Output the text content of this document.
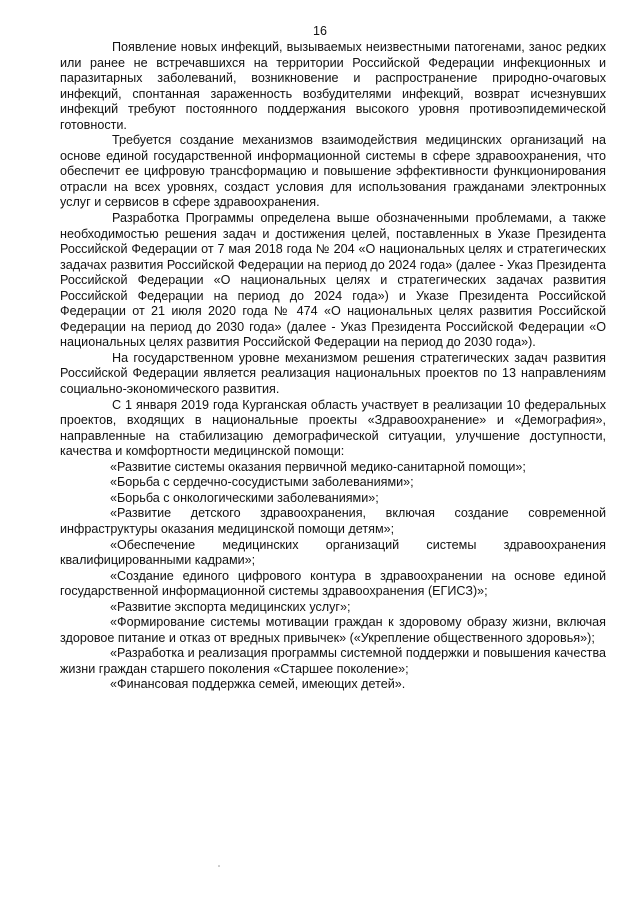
16

Появление новых инфекций, вызываемых неизвестными патогенами, занос редких или ранее не встречавшихся на территории Российской Федерации инфекционных и паразитарных заболеваний, возникновение и распространение природно-очаговых инфекций, спонтанная зараженность возбудителями инфекций, возврат исчезнувших инфекций требуют постоянного поддержания высокого уровня противоэпидемической готовности.

Требуется создание механизмов взаимодействия медицинских организаций на основе единой государственной информационной системы в сфере здравоохранения, что обеспечит ее цифровую трансформацию и повышение эффективности функционирования отрасли на всех уровнях, создаст условия для использования гражданами электронных услуг и сервисов в сфере здравоохранения.

Разработка Программы определена выше обозначенными проблемами, а также необходимостью решения задач и достижения целей, поставленных в Указе Президента Российской Федерации от 7 мая 2018 года № 204 «О национальных целях и стратегических задачах развития Российской Федерации на период до 2024 года» (далее - Указ Президента Российской Федерации «О национальных целях и стратегических задачах развития Российской Федерации на период до 2024 года») и Указе Президента Российской Федерации от 21 июля 2020 года № 474 «О национальных целях развития Российской Федерации на период до 2030 года» (далее - Указ Президента Российской Федерации «О национальных целях развития Российской Федерации на период до 2030 года»).

На государственном уровне механизмом решения стратегических задач развития Российской Федерации является реализация национальных проектов по 13 направлениям социально-экономического развития.

С 1 января 2019 года Курганская область участвует в реализации 10 федеральных проектов, входящих в национальные проекты «Здравоохранение» и «Демография», направленные на стабилизацию демографической ситуации, улучшение доступности, качества и комфортности медицинской помощи:

«Развитие системы оказания первичной медико-санитарной помощи»;

«Борьба с сердечно-сосудистыми заболеваниями»;

«Борьба с онкологическими заболеваниями»;

«Развитие детского здравоохранения, включая создание современной инфраструктуры оказания медицинской помощи детям»;

«Обеспечение медицинских организаций системы здравоохранения квалифицированными кадрами»;

«Создание единого цифрового контура в здравоохранении на основе единой государственной информационной системы здравоохранения (ЕГИСЗ)»;

«Развитие экспорта медицинских услуг»;

«Формирование системы мотивации граждан к здоровому образу жизни, включая здоровое питание и отказ от вредных привычек» («Укрепление общественного здоровья»);

«Разработка и реализация программы системной поддержки и повышения качества жизни граждан старшего поколения «Старшее поколение»;

«Финансовая поддержка семей, имеющих детей».

˚
